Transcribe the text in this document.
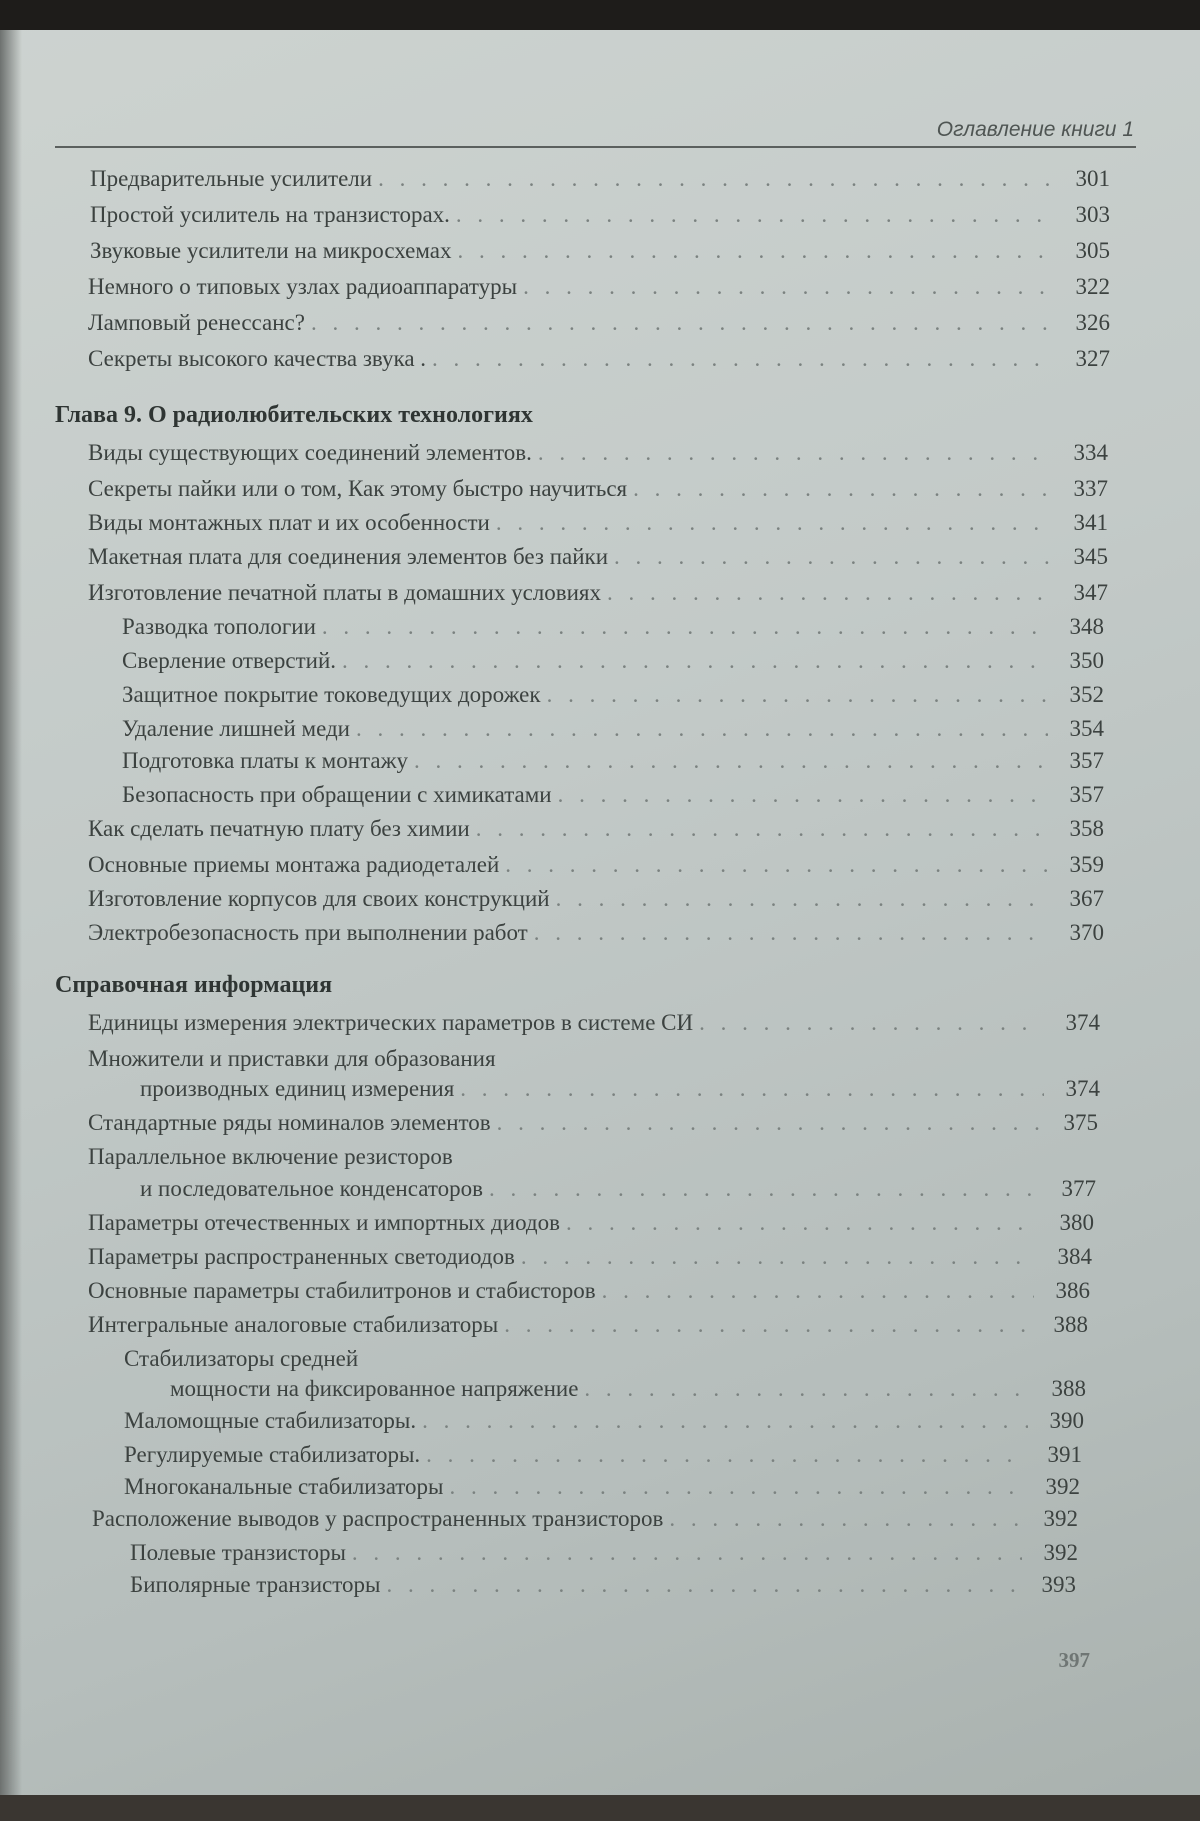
Оглавление книги 1
Предварительные усилители . . .	301
Простой усилитель на транзисторах. . . .	303
Звуковые усилители на микросхемах . . .	305
Немного о типовых узлах радиоаппаратуры . . .	322
Ламповый ренессанс? . . .	326
Секреты высокого качества звука . . . .	327
Глава 9. О радиолюбительских технологиях
Виды существующих соединений элементов. . . .	334
Секреты пайки или о том, Как этому быстро научиться . . .	337
Виды монтажных плат и их особенности . . .	341
Макетная плата для соединения элементов без пайки . . .	345
Изготовление печатной платы в домашних условиях . . .	347
Разводка топологии . . .	348
Сверление отверстий. . . .	350
Защитное покрытие токоведущих дорожек . . .	352
Удаление лишней меди . . .	354
Подготовка платы к монтажу . . .	357
Безопасность при обращении с химикатами . . .	357
Как сделать печатную плату без химии . . .	358
Основные приемы монтажа радиодеталей . . .	359
Изготовление корпусов для своих конструкций . . .	367
Электробезопасность при выполнении работ . . .	370
Справочная информация
Единицы измерения электрических параметров в системе СИ . . .	374
Множители и приставки для образования
производных единиц измерения . . .	374
Стандартные ряды номиналов элементов . . .	375
Параллельное включение резисторов
и последовательное конденсаторов . . .	377
Параметры отечественных и импортных диодов . . .	380
Параметры распространенных светодиодов . . .	384
Основные параметры стабилитронов и стабисторов . . .	386
Интегральные аналоговые стабилизаторы . . .	388
Стабилизаторы средней
мощности на фиксированное напряжение . . .	388
Маломощные стабилизаторы. . . .	390
Регулируемые стабилизаторы. . . .	391
Многоканальные стабилизаторы . . .	392
Расположение выводов у распространенных транзисторов . . .	392
Полевые транзисторы . . .	392
Биполярные транзисторы . . .	393
397
